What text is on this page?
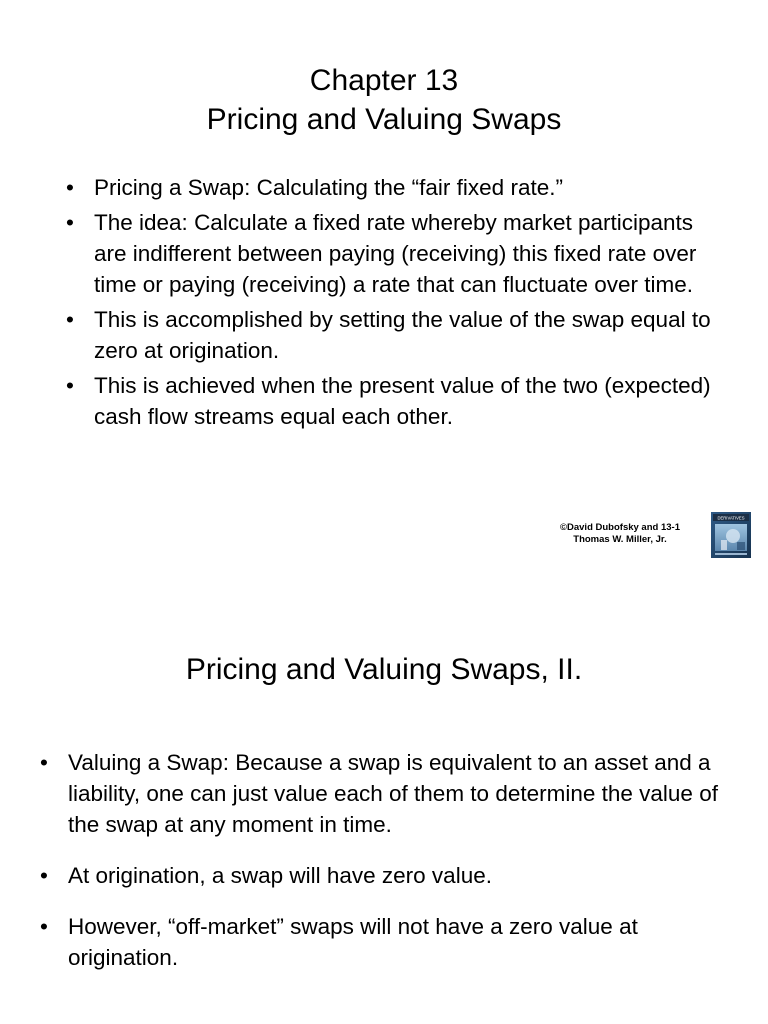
Chapter 13
Pricing and Valuing Swaps
• Pricing a Swap: Calculating the “fair fixed rate.”
• The idea: Calculate a fixed rate whereby market participants are indifferent between paying (receiving) this fixed rate over time or paying (receiving) a rate that can fluctuate over time.
• This is accomplished by setting the value of the swap equal to zero at origination.
• This is achieved when the present value of the two (expected) cash flow streams equal each other.
©David Dubofsky and 13-1
Thomas W. Miller, Jr.
DERIVATIVES
Pricing and Valuing Swaps, II.
• Valuing a Swap: Because a swap is equivalent to an asset and a liability, one can just value each of them to determine the value of the swap at any moment in time.
• At origination, a swap will have zero value.
• However, “off-market” swaps will not have a zero value at origination.
